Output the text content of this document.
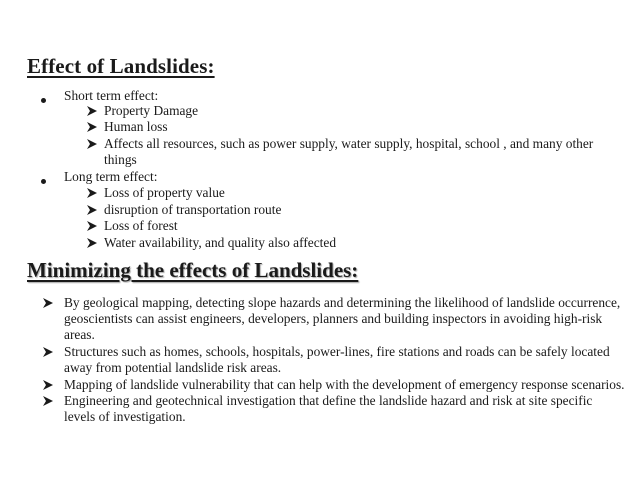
Effect of Landslides:
Short term effect:
Property Damage
Human loss
Affects all resources, such as power supply, water supply, hospital, school , and many other
things
Long term effect:
Loss of property value
disruption of transportation route
Loss of forest
Water availability, and quality also affected
Minimizing the effects of Landslides:
By geological mapping, detecting slope hazards and determining the likelihood of landslide occurrence,
geoscientists can assist engineers, developers, planners and building inspectors in avoiding high-risk
areas.
Structures such as homes, schools, hospitals, power-lines, fire stations and roads can be safely located
away from potential landslide risk areas.
Mapping of landslide vulnerability that can help with the development of emergency response scenarios.
Engineering and geotechnical investigation that define the landslide hazard and risk at site specific
levels of investigation.
